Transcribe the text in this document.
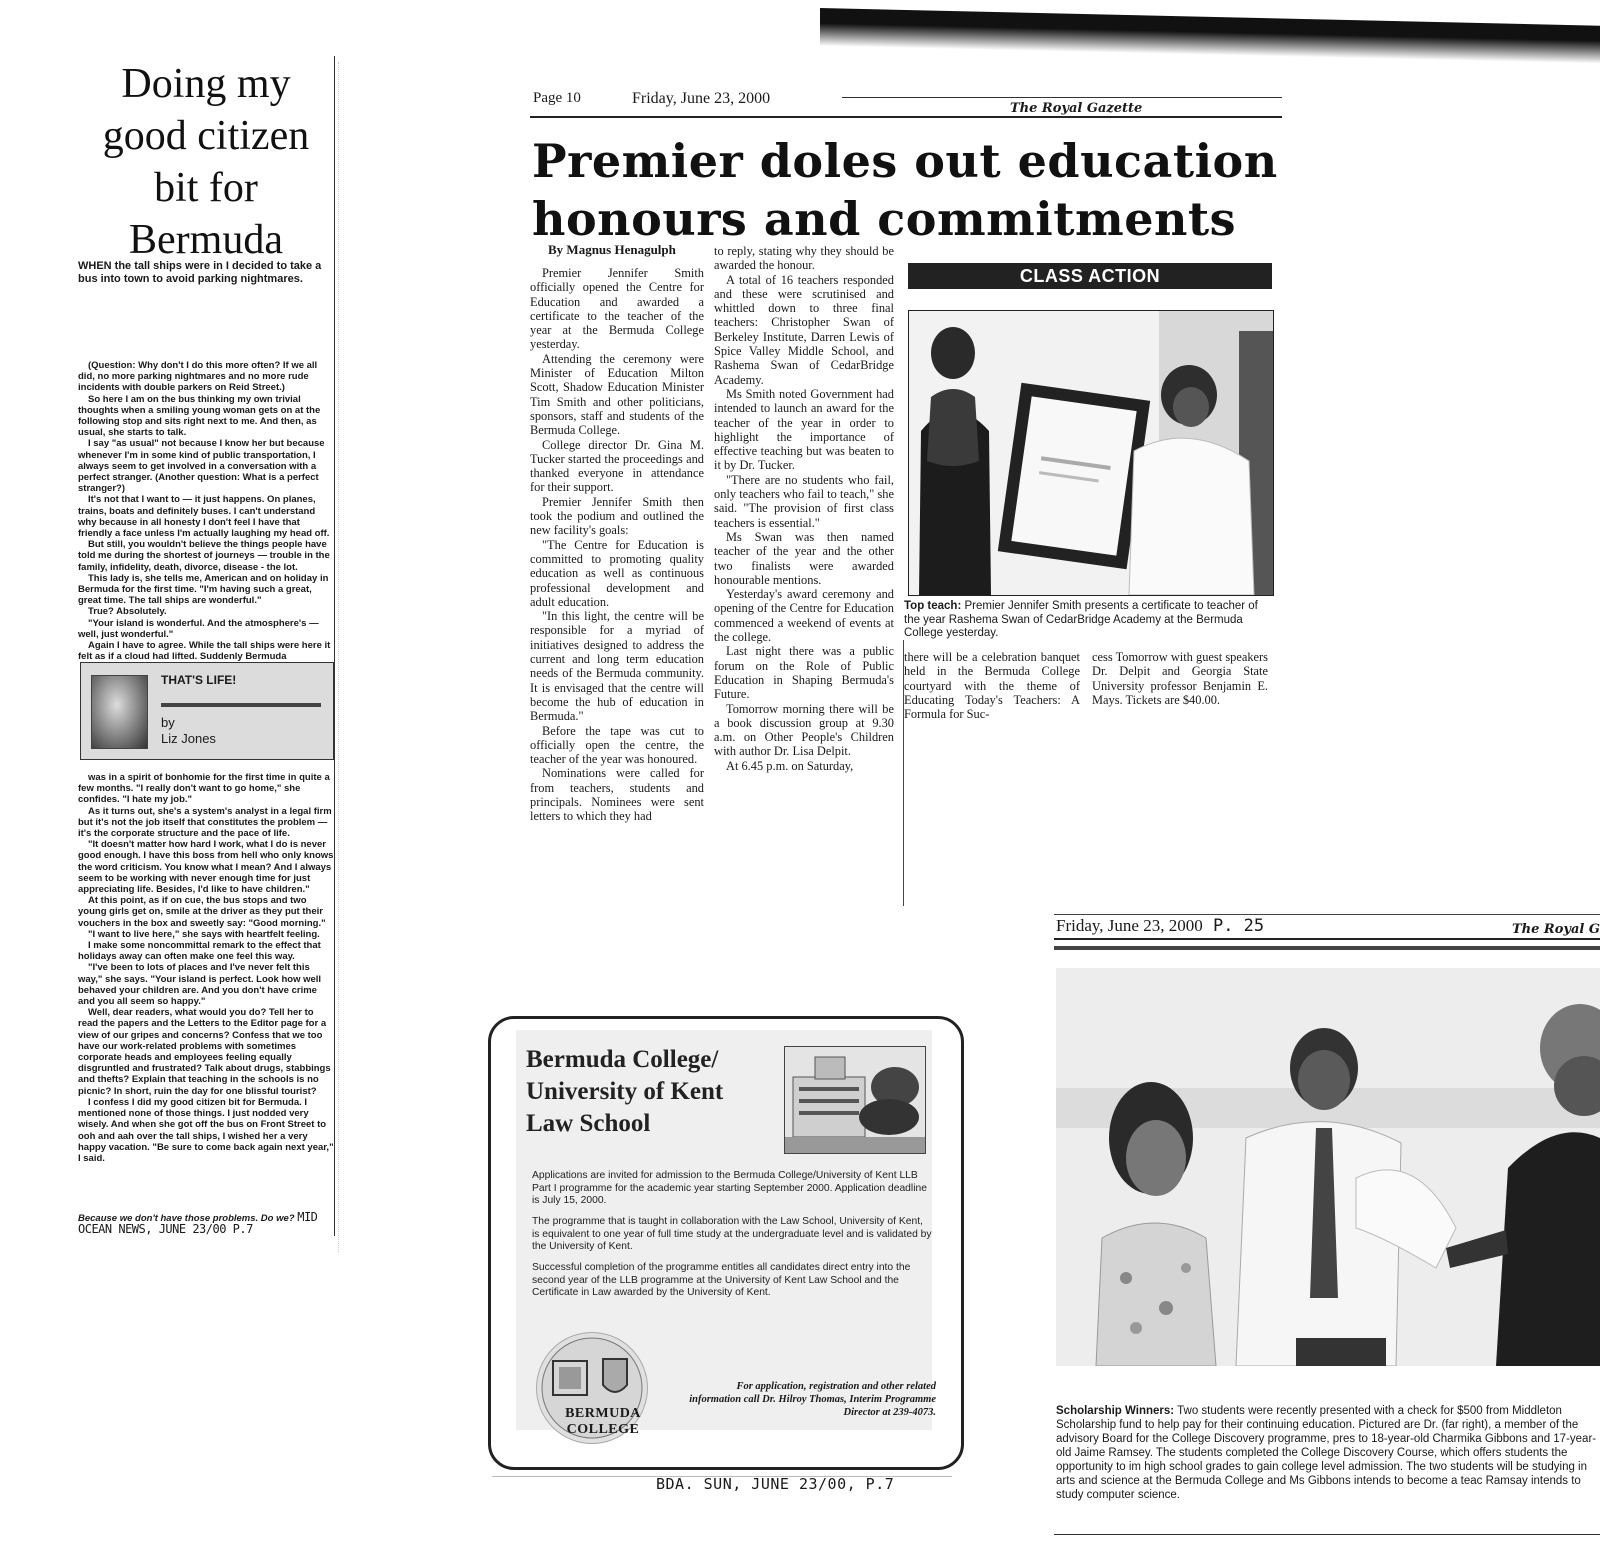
Doing my good citizen bit for Bermuda
WHEN the tall ships were in I decided to take a bus into town to avoid parking nightmares.

(Question: Why don't I do this more often? If we all did, no more parking nightmares and no more rude incidents with double parkers on Reid Street.)

So here I am on the bus thinking my own trivial thoughts when a smiling young woman gets on at the following stop and sits right next to me. And then, as usual, she starts to talk.

I say "as usual" not because I know her but because whenever I'm in some kind of public transportation, I always seem to get involved in a conversation with a perfect stranger. (Another question: What is a perfect stranger?)

It's not that I want to — it just happens. On planes, trains, boats and definitely buses. I can't understand why because in all honesty I don't feel I have that friendly a face unless I'm actually laughing my head off.

But still, you wouldn't believe the things people have told me during the shortest of journeys — trouble in the family, infidelity, death, divorce, disease - the lot.

This lady is, she tells me, American and on holiday in Bermuda for the first time. "I'm having such a great, great time. The tall ships are wonderful."

True? Absolutely.

"Your island is wonderful. And the atmosphere's — well, just wonderful."

Again I have to agree. While the tall ships were here it felt as if a cloud had lifted. Suddenly Bermuda

THAT'S LIFE!
by
Liz Jones

was in a spirit of bonhomie for the first time in quite a few months. "I really don't want to go home," she confides. "I hate my job."

As it turns out, she's a system's analyst in a legal firm but it's not the job itself that constitutes the problem — it's the corporate structure and the pace of life.

"It doesn't matter how hard I work, what I do is never good enough. I have this boss from hell who only knows the word criticism. You know what I mean? And I always seem to be working with never enough time for just appreciating life. Besides, I'd like to have children."

At this point, as if on cue, the bus stops and two young girls get on, smile at the driver as they put their vouchers in the box and sweetly say: "Good morning."

"I want to live here," she says with heartfelt feeling.

I make some noncommittal remark to the effect that holidays away can often make one feel this way.

"I've been to lots of places and I've never felt this way," she says. "Your island is perfect. Look how well behaved your children are. And you don't have crime and you all seem so happy."

Well, dear readers, what would you do? Tell her to read the papers and the Letters to the Editor page for a view of our gripes and concerns? Confess that we too have our work-related problems with sometimes corporate heads and employees feeling equally disgruntled and frustrated? Talk about drugs, stabbings and thefts? Explain that teaching in the schools is no picnic? In short, ruin the day for one blissful tourist?

I confess I did my good citizen bit for Bermuda. I mentioned none of those things. I just nodded very wisely. And when she got off the bus on Front Street to ooh and aah over the tall ships, I wished her a very happy vacation. "Be sure to come back again next year," I said.

Because we don't have those problems. Do we? MID OCEAN NEWS, JUNE 23/00 P.7
Page 10	Friday, June 23, 2000
The Royal Gazette
Premier doles out education honours and commitments
By Magnus Henagulph

Premier Jennifer Smith officially opened the Centre for Education and awarded a certificate to the teacher of the year at the Bermuda College yesterday.

Attending the ceremony were Minister of Education Milton Scott, Shadow Education Minister Tim Smith and other politicians, sponsors, staff and students of the Bermuda College.

College director Dr. Gina M. Tucker started the proceedings and thanked everyone in attendance for their support.

Premier Jennifer Smith then took the podium and outlined the new facility's goals:

"The Centre for Education is committed to promoting quality education as well as continuous professional development and adult education.

"In this light, the centre will be responsible for a myriad of initiatives designed to address the current and long term education needs of the Bermuda community. It is envisaged that the centre will become the hub of education in Bermuda."

Before the tape was cut to officially open the centre, the teacher of the year was honoured.

Nominations were called for from teachers, students and principals. Nominees were sent letters to which they had

to reply, stating why they should be awarded the honour.

A total of 16 teachers responded and these were scrutinised and whittled down to three final teachers: Christopher Swan of Berkeley Institute, Darren Lewis of Spice Valley Middle School, and Rashema Swan of CedarBridge Academy.

Ms Smith noted Government had intended to launch an award for the teacher of the year in order to highlight the importance of effective teaching but was beaten to it by Dr. Tucker.

"There are no students who fail, only teachers who fail to teach," she said. "The provision of first class teachers is essential."

Ms Swan was then named teacher of the year and the other two finalists were awarded honourable mentions.

Yesterday's award ceremony and opening of the Centre for Education commenced a weekend of events at the college.

Last night there was a public forum on the Role of Public Education in Shaping Bermuda's Future.

Tomorrow morning there will be a book discussion group at 9.30 a.m. on Other People's Children with author Dr. Lisa Delpit.

At 6.45 p.m. on Saturday,

CLASS ACTION
Top teach: Premier Jennifer Smith presents a certificate to teacher of the year Rashema Swan of CedarBridge Academy at the Bermuda College yesterday.
there will be a celebration banquet held in the Bermuda College courtyard with the theme of Educating Today's Teachers: A Formula for Suc-
cess Tomorrow with guest speakers Dr. Delpit and Georgia State University professor Benjamin E. Mays. Tickets are $40.00.
Bermuda College/ University of Kent Law School
Applications are invited for admission to the Bermuda College/University of Kent LLB Part I programme for the academic year starting September 2000. Application deadline is July 15, 2000.
The programme that is taught in collaboration with the Law School, University of Kent, is equivalent to one year of full time study at the undergraduate level and is validated by the University of Kent.
Successful completion of the programme entitles all candidates direct entry into the second year of the LLB programme at the University of Kent Law School and the Certificate in Law awarded by the University of Kent.
BERMUDA COLLEGE
For application, registration and other related information call Dr. Hilroy Thomas, Interim Programme Director at 239-4073.
BDA. SUN, JUNE 23/00, P.7
Friday, June 23, 2000 P. 25	The Royal G
Scholarship Winners: Two students were recently presented with a check for $500 from Middleton Scholarship fund to help pay for their continuing education. Pictured are Dr. (far right), a member of the advisory Board for the College Discovery programme, pres to 18-year-old Charmika Gibbons and 17-year-old Jaime Ramsey. The students completed the College Discovery Course, which offers students the opportunity to im high school grades to gain college level admission. The two students will be studying in arts and science at the Bermuda College and Ms Gibbons intends to become a teac Ramsay intends to study computer science.
